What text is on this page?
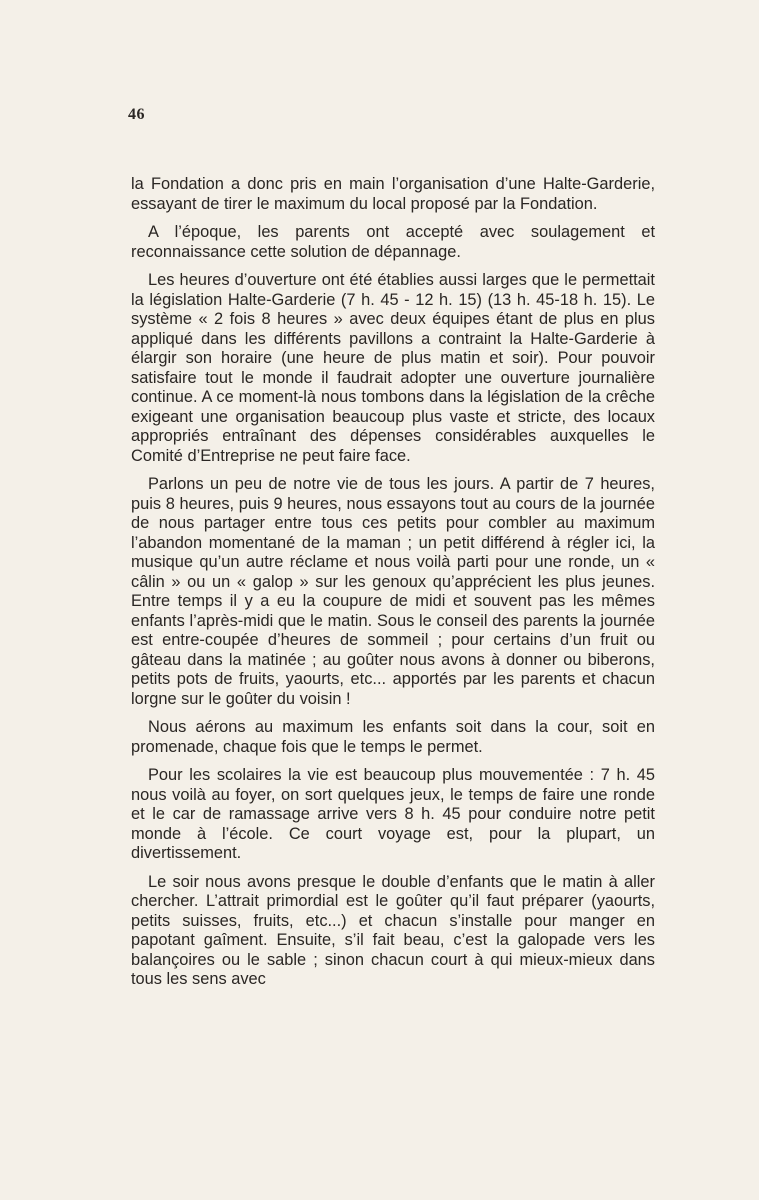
46

la Fondation a donc pris en main l’organisation d’une Halte-Garderie, essayant de tirer le maximum du local proposé par la Fondation.

A l’époque, les parents ont accepté avec soulagement et reconnaissance cette solution de dépannage.

Les heures d’ouverture ont été établies aussi larges que le permettait la législation Halte-Garderie (7 h. 45 - 12 h. 15) (13 h. 45-18 h. 15). Le système « 2 fois 8 heures » avec deux équipes étant de plus en plus appliqué dans les différents pavillons a contraint la Halte-Garderie à élargir son horaire (une heure de plus matin et soir). Pour pouvoir satisfaire tout le monde il faudrait adopter une ouverture journalière continue. A ce moment-là nous tombons dans la législation de la crêche exigeant une organisation beaucoup plus vaste et stricte, des locaux appropriés entraînant des dépenses considérables auxquelles le Comité d’Entreprise ne peut faire face.

Parlons un peu de notre vie de tous les jours. A partir de 7 heures, puis 8 heures, puis 9 heures, nous essayons tout au cours de la journée de nous partager entre tous ces petits pour combler au maximum l’abandon momentané de la maman ; un petit différend à régler ici, la musique qu’un autre réclame et nous voilà parti pour une ronde, un « câlin » ou un « galop » sur les genoux qu’apprécient les plus jeunes. Entre temps il y a eu la coupure de midi et souvent pas les mêmes enfants l’après-midi que le matin. Sous le conseil des parents la journée est entre-coupée d’heures de sommeil ; pour certains d’un fruit ou gâteau dans la matinée ; au goûter nous avons à donner ou biberons, petits pots de fruits, yaourts, etc... apportés par les parents et chacun lorgne sur le goûter du voisin !

Nous aérons au maximum les enfants soit dans la cour, soit en promenade, chaque fois que le temps le permet.

Pour les scolaires la vie est beaucoup plus mouvementée : 7 h. 45 nous voilà au foyer, on sort quelques jeux, le temps de faire une ronde et le car de ramassage arrive vers 8 h. 45 pour conduire notre petit monde à l’école. Ce court voyage est, pour la plupart, un divertissement.

Le soir nous avons presque le double d’enfants que le matin à aller chercher. L’attrait primordial est le goûter qu’il faut préparer (yaourts, petits suisses, fruits, etc...) et chacun s’installe pour manger en papotant gaîment. Ensuite, s’il fait beau, c’est la galopade vers les balançoires ou le sable ; sinon chacun court à qui mieux-mieux dans tous les sens avec
